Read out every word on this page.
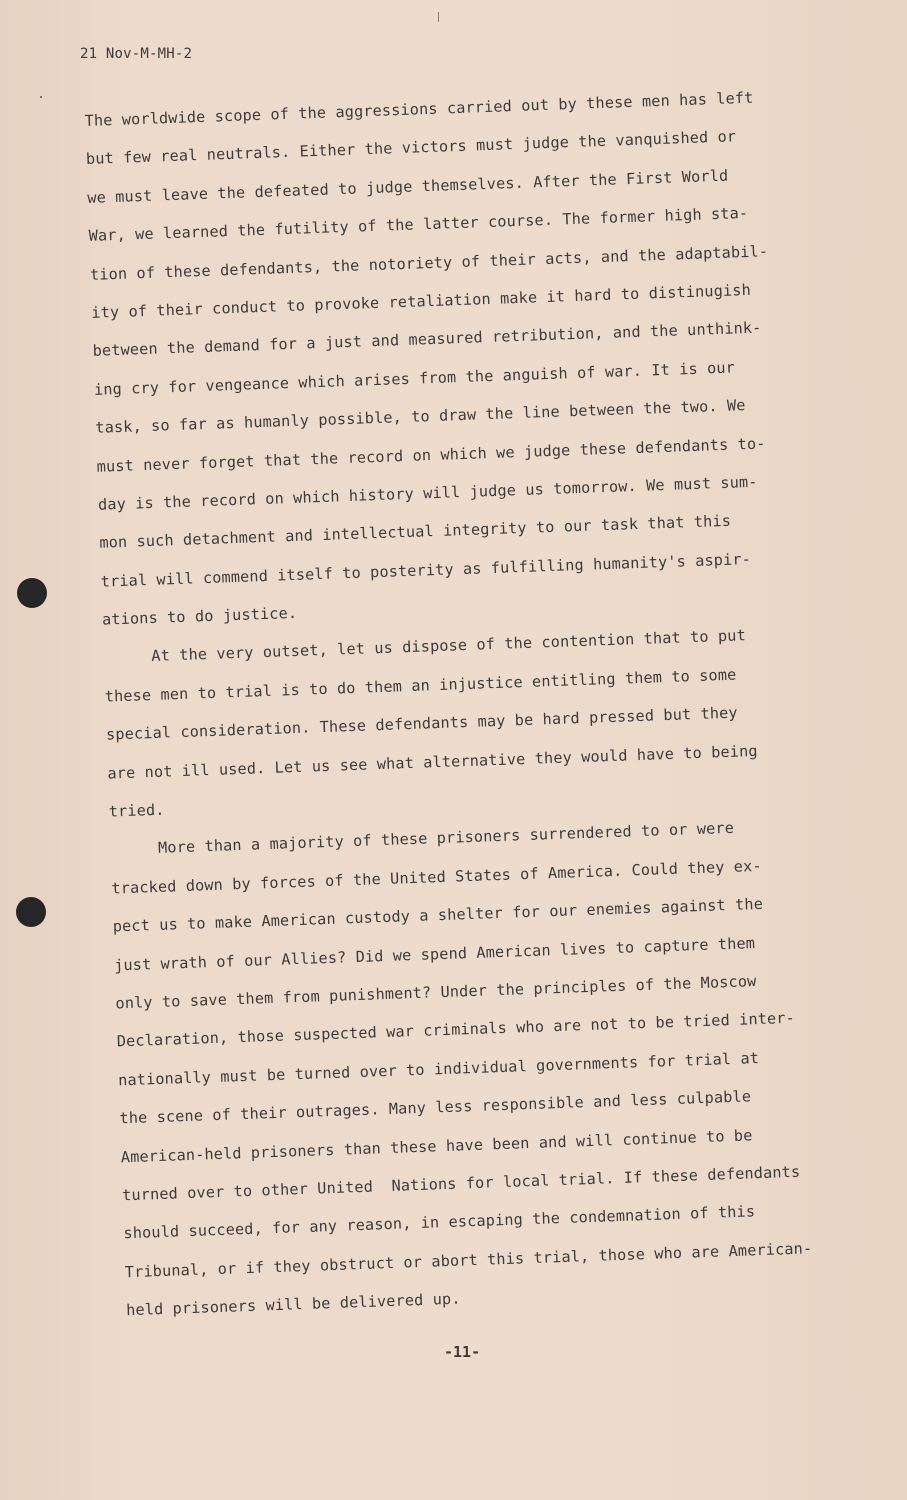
21 Nov-M-MH-2
The worldwide scope of the aggressions carried out by these men has left
but few real neutrals. Either the victors must judge the vanquished or
we must leave the defeated to judge themselves. After the First World
War, we learned the futility of the latter course. The former high sta-
tion of these defendants, the notoriety of their acts, and the adaptabil-
ity of their conduct to provoke retaliation make it hard to distinugish
between the demand for a just and measured retribution, and the unthink-
ing cry for vengeance which arises from the anguish of war. It is our
task, so far as humanly possible, to draw the line between the two. We
must never forget that the record on which we judge these defendants to-
day is the record on which history will judge us tomorrow. We must sum-
mon such detachment and intellectual integrity to our task that this
trial will commend itself to posterity as fulfilling humanity's aspir-
ations to do justice.
At the very outset, let us dispose of the contention that to put
these men to trial is to do them an injustice entitling them to some
special consideration. These defendants may be hard pressed but they
are not ill used. Let us see what alternative they would have to being
tried.
More than a majority of these prisoners surrendered to or were
tracked down by forces of the United States of America. Could they ex-
pect us to make American custody a shelter for our enemies against the
just wrath of our Allies? Did we spend American lives to capture them
only to save them from punishment? Under the principles of the Moscow
Declaration, those suspected war criminals who are not to be tried inter-
nationally must be turned over to individual governments for trial at
the scene of their outrages. Many less responsible and less culpable
American-held prisoners than these have been and will continue to be
turned over to other United  Nations for local trial. If these defendants
should succeed, for any reason, in escaping the condemnation of this
Tribunal, or if they obstruct or abort this trial, those who are American-
held prisoners will be delivered up.
-11-
